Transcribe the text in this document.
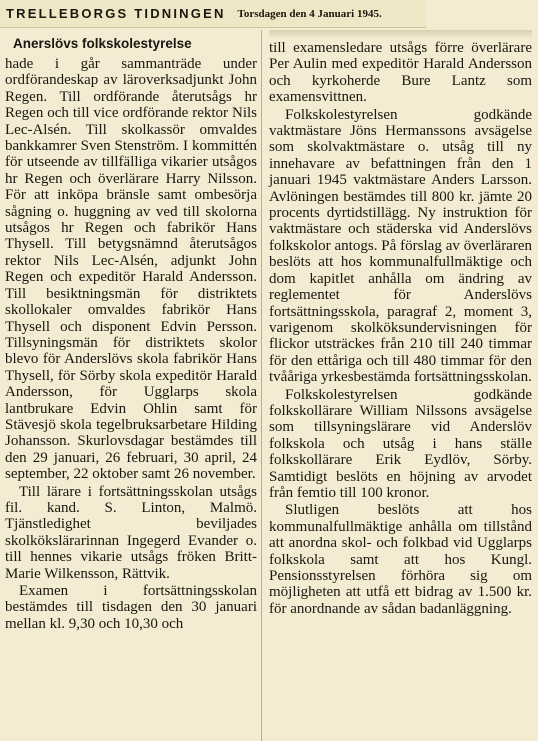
TRELLEBORGS TIDNINGEN Torsdagen den 4 Januari 1945.
Anerslövs folkskolestyrelse

hade i går sammanträde under ordförandeskap av läroverksadjunkt John Regen. Till ordförande återutsågs hr Regen och till vice ordförande rektor Nils Lec-Alsén. Till skolkassör omvaldes bankkamrer Sven Stenström. I kommittén för utseende av tillfälliga vikarier utsågos hr Regen och överlärare Harry Nilsson. För att inköpa bränsle samt ombesörja sågning o. huggning av ved till skolorna utsågos hr Regen och fabrikör Hans Thysell. Till betygsnämnd återutsågos rektor Nils Lec-Alsén, adjunkt John Regen och expeditör Harald Andersson. Till besiktningsmän för distriktets skollokaler omvaldes fabrikör Hans Thysell och disponent Edvin Persson. Tillsyningsmän för distriktets skolor blevo för Anderslövs skola fabrikör Hans Thysell, för Sörby skola expeditör Harald Andersson, för Ugglarps skola lantbrukare Edvin Ohlin samt för Stävesjö skola tegelbruksarbetare Hilding Johansson. Skurlovsdagar bestämdes till den 29 januari, 26 februari, 30 april, 24 september, 22 oktober samt 26 november.

Till lärare i fortsättningsskolan utsågs fil. kand. S. Linton, Malmö. Tjänstledighet beviljades skolkökslärarinnan Ingegerd Evander o. till hennes vikarie utsågs fröken Britt-Marie Wilkensson, Rättvik.

Examen i fortsättningsskolan bestämdes till tisdagen den 30 januari mellan kl. 9,30 och 10,30 och

till examensledare utsågs förre överlärare Per Aulin med expeditör Harald Andersson och kyrkoherde Bure Lantz som examensvittnen.

Folkskolestyrelsen godkände vaktmästare Jöns Hermanssons avsägelse som skolvaktmästare o. utsåg till ny innehavare av befattningen från den 1 januari 1945 vaktmästare Anders Larsson. Avlöningen bestämdes till 800 kr. jämte 20 procents dyrtidstillägg. Ny instruktion för vaktmästare och städerska vid Anderslövs folkskolor antogs. På förslag av överläraren beslöts att hos kommunalfullmäktige och dom kapitlet anhålla om ändring av reglementet för Anderslövs fortsättningsskola, paragraf 2, moment 3, varigenom skolköksundervisningen för flickor utsträckes från 210 till 240 timmar för den ettåriga och till 480 timmar för den tvååriga yrkesbestämda fortsättningsskolan.

Folkskolestyrelsen godkände folkskollärare William Nilssons avsägelse som tillsyningslärare vid Anderslöv folkskola och utsåg i hans ställe folkskollärare Erik Eydlöv, Sörby. Samtidigt beslöts en höjning av arvodet från femtio till 100 kronor.

Slutligen beslöts att hos kommunalfullmäktige anhålla om tillstånd att anordna skol- och folkbad vid Ugglarps folkskola samt att hos Kungl. Pensionsstyrelsen förhöra sig om möjligheten att utfå ett bidrag av 1.500 kr. för anordnande av sådan badanläggning.
